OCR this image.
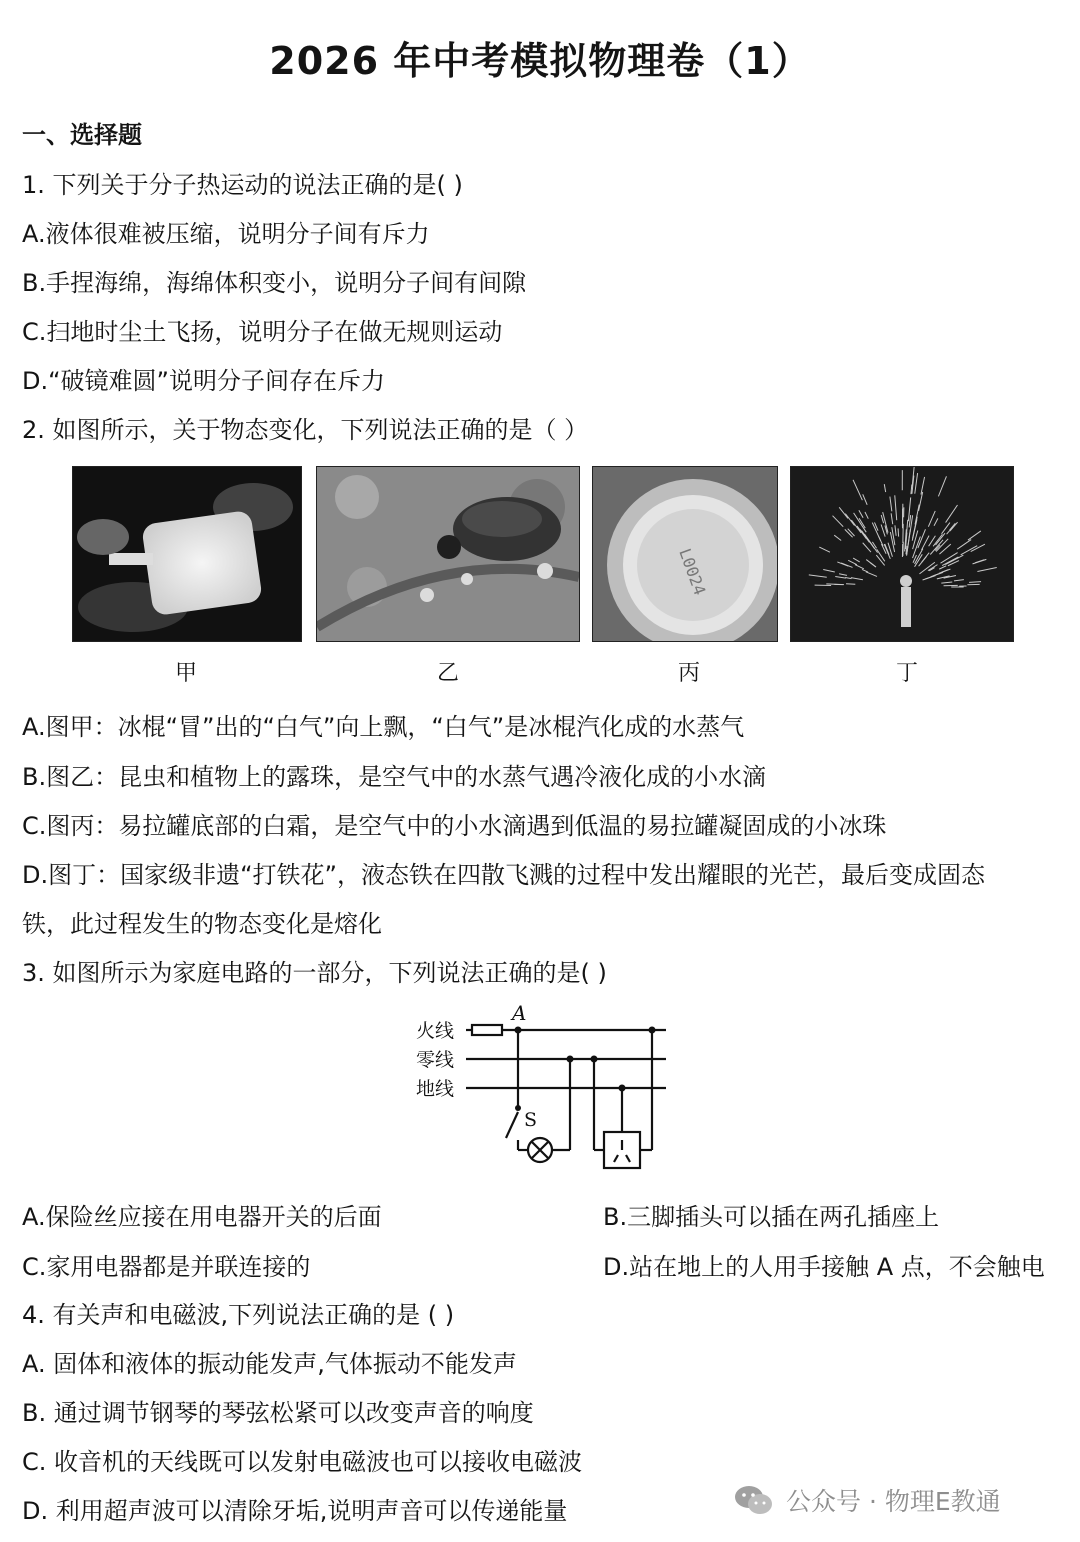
2026 年中考模拟物理卷（1）
一、选择题
1. 下列关于分子热运动的说法正确的是( )
A.液体很难被压缩，说明分子间有斥力
B.手捏海绵，海绵体积变小，说明分子间有间隙
C.扫地时尘土飞扬，说明分子在做无规则运动
D.“破镜难圆”说明分子间存在斥力
2. 如图所示，关于物态变化，下列说法正确的是（ ）
L0024
甲	乙	丙	丁
A.图甲：冰棍“冒”出的“白气”向上飘，“白气”是冰棍汽化成的水蒸气
B.图乙：昆虫和植物上的露珠，是空气中的水蒸气遇冷液化成的小水滴
C.图丙：易拉罐底部的白霜，是空气中的小水滴遇到低温的易拉罐凝固成的小冰珠
D.图丁：国家级非遗“打铁花”，液态铁在四散飞溅的过程中发出耀眼的光芒，最后变成固态
铁，此过程发生的物态变化是熔化
3. 如图所示为家庭电路的一部分，下列说法正确的是( )
火线
零线
地线
A
S
A.保险丝应接在用电器开关的后面	B.三脚插头可以插在两孔插座上
C.家用电器都是并联连接的	D.站在地上的人用手接触 A 点，不会触电
4. 有关声和电磁波,下列说法正确的是 ( )
A. 固体和液体的振动能发声,气体振动不能发声
B. 通过调节钢琴的琴弦松紧可以改变声音的响度
C. 收音机的天线既可以发射电磁波也可以接收电磁波
D. 利用超声波可以清除牙垢,说明声音可以传递能量	公众号 · 物理E教通
